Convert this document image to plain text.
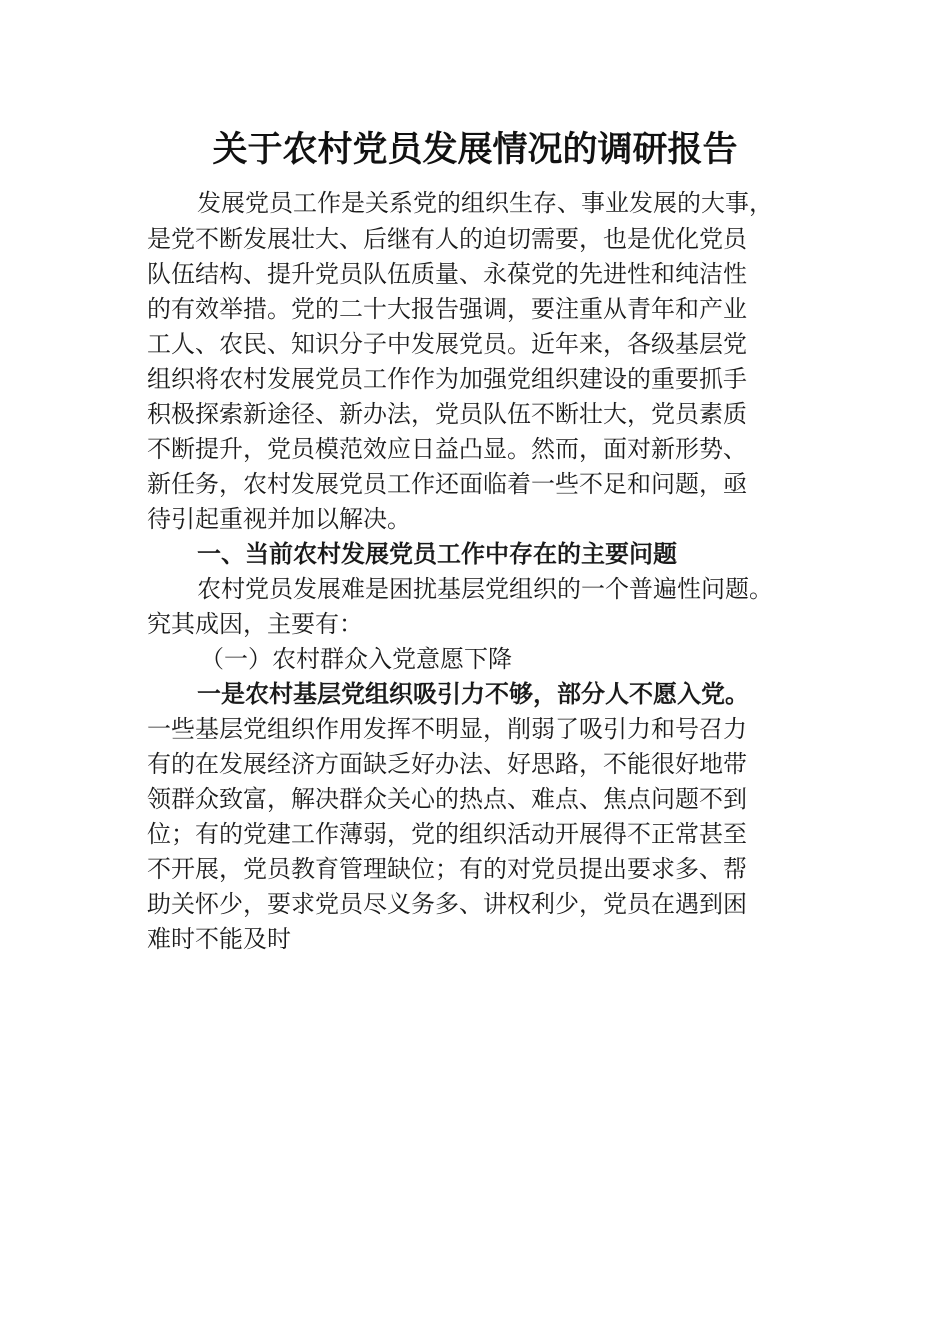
关于农村党员发展情况的调研报告
发展党员工作是关系党的组织生存、事业发展的大事，
是党不断发展壮大、后继有人的迫切需要，也是优化党员
队伍结构、提升党员队伍质量、永葆党的先进性和纯洁性
的有效举措。党的二十大报告强调，要注重从青年和产业
工人、农民、知识分子中发展党员。近年来，各级基层党
组织将农村发展党员工作作为加强党组织建设的重要抓手
积极探索新途径、新办法，党员队伍不断壮大，党员素质
不断提升，党员模范效应日益凸显。然而，面对新形势、
新任务，农村发展党员工作还面临着一些不足和问题，亟
待引起重视并加以解决。
一、当前农村发展党员工作中存在的主要问题
农村党员发展难是困扰基层党组织的一个普遍性问题。
究其成因，主要有：
（一）农村群众入党意愿下降
一是农村基层党组织吸引力不够，部分人不愿入党。
一些基层党组织作用发挥不明显，削弱了吸引力和号召力
有的在发展经济方面缺乏好办法、好思路，不能很好地带
领群众致富，解决群众关心的热点、难点、焦点问题不到
位；有的党建工作薄弱，党的组织活动开展得不正常甚至
不开展，党员教育管理缺位；有的对党员提出要求多、帮
助关怀少，要求党员尽义务多、讲权利少，党员在遇到困
难时不能及时
